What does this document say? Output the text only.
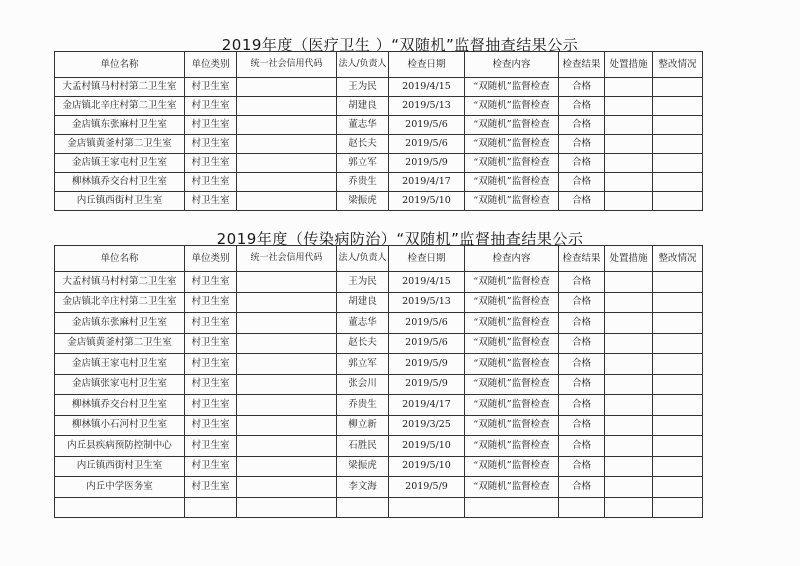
2019年度（医疗卫生 ）“双随机”监督抽查结果公示
单位名称	单位类别	统一社会信用代码	法人/负责人	检查日期	检查内容	检查结果	处置措施	整改情况
大孟村镇马村村第二卫生室	村卫生室		王为民	2019/4/15	“双随机”监督检查	合格		
金店镇北辛庄村第二卫生室	村卫生室		胡建良	2019/5/13	“双随机”监督检查	合格		
金店镇东张麻村卫生室	村卫生室		董志华	2019/5/6	“双随机”监督检查	合格		
金店镇黄釜村第二卫生室	村卫生室		赵长夫	2019/5/6	“双随机”监督检查	合格		
金店镇王家屯村卫生室	村卫生室		郭立军	2019/5/9	“双随机”监督检查	合格		
柳林镇乔交台村卫生室	村卫生室		乔贵生	2019/4/17	“双随机”监督检查	合格		
内丘镇西街村卫生室	村卫生室		梁振虎	2019/5/10	“双随机”监督检查	合格		
2019年度（传染病防治）“双随机”监督抽查结果公示
单位名称	单位类别	统一社会信用代码	法人/负责人	检查日期	检查内容	检查结果	处置措施	整改情况
大孟村镇马村村第二卫生室	村卫生室		王为民	2019/4/15	“双随机”监督检查	合格		
金店镇北辛庄村第二卫生室	村卫生室		胡建良	2019/5/13	“双随机”监督检查	合格		
金店镇东张麻村卫生室	村卫生室		董志华	2019/5/6	“双随机”监督检查	合格		
金店镇黄釜村第二卫生室	村卫生室		赵长夫	2019/5/6	“双随机”监督检查	合格		
金店镇王家屯村卫生室	村卫生室		郭立军	2019/5/9	“双随机”监督检查	合格		
金店镇张家屯村卫生室	村卫生室		张会川	2019/5/9	“双随机”监督检查	合格		
柳林镇乔交台村卫生室	村卫生室		乔贵生	2019/4/17	“双随机”监督检查	合格		
柳林镇小石河村卫生室	村卫生室		柳立新	2019/3/25	“双随机”监督检查	合格		
内丘县疾病预防控制中心	村卫生室		石胜民	2019/5/10	“双随机”监督检查	合格		
内丘镇西街村卫生室	村卫生室		梁振虎	2019/5/10	“双随机”监督检查	合格		
内丘中学医务室	村卫生室		李文海	2019/5/9	“双随机”监督检查	合格		
